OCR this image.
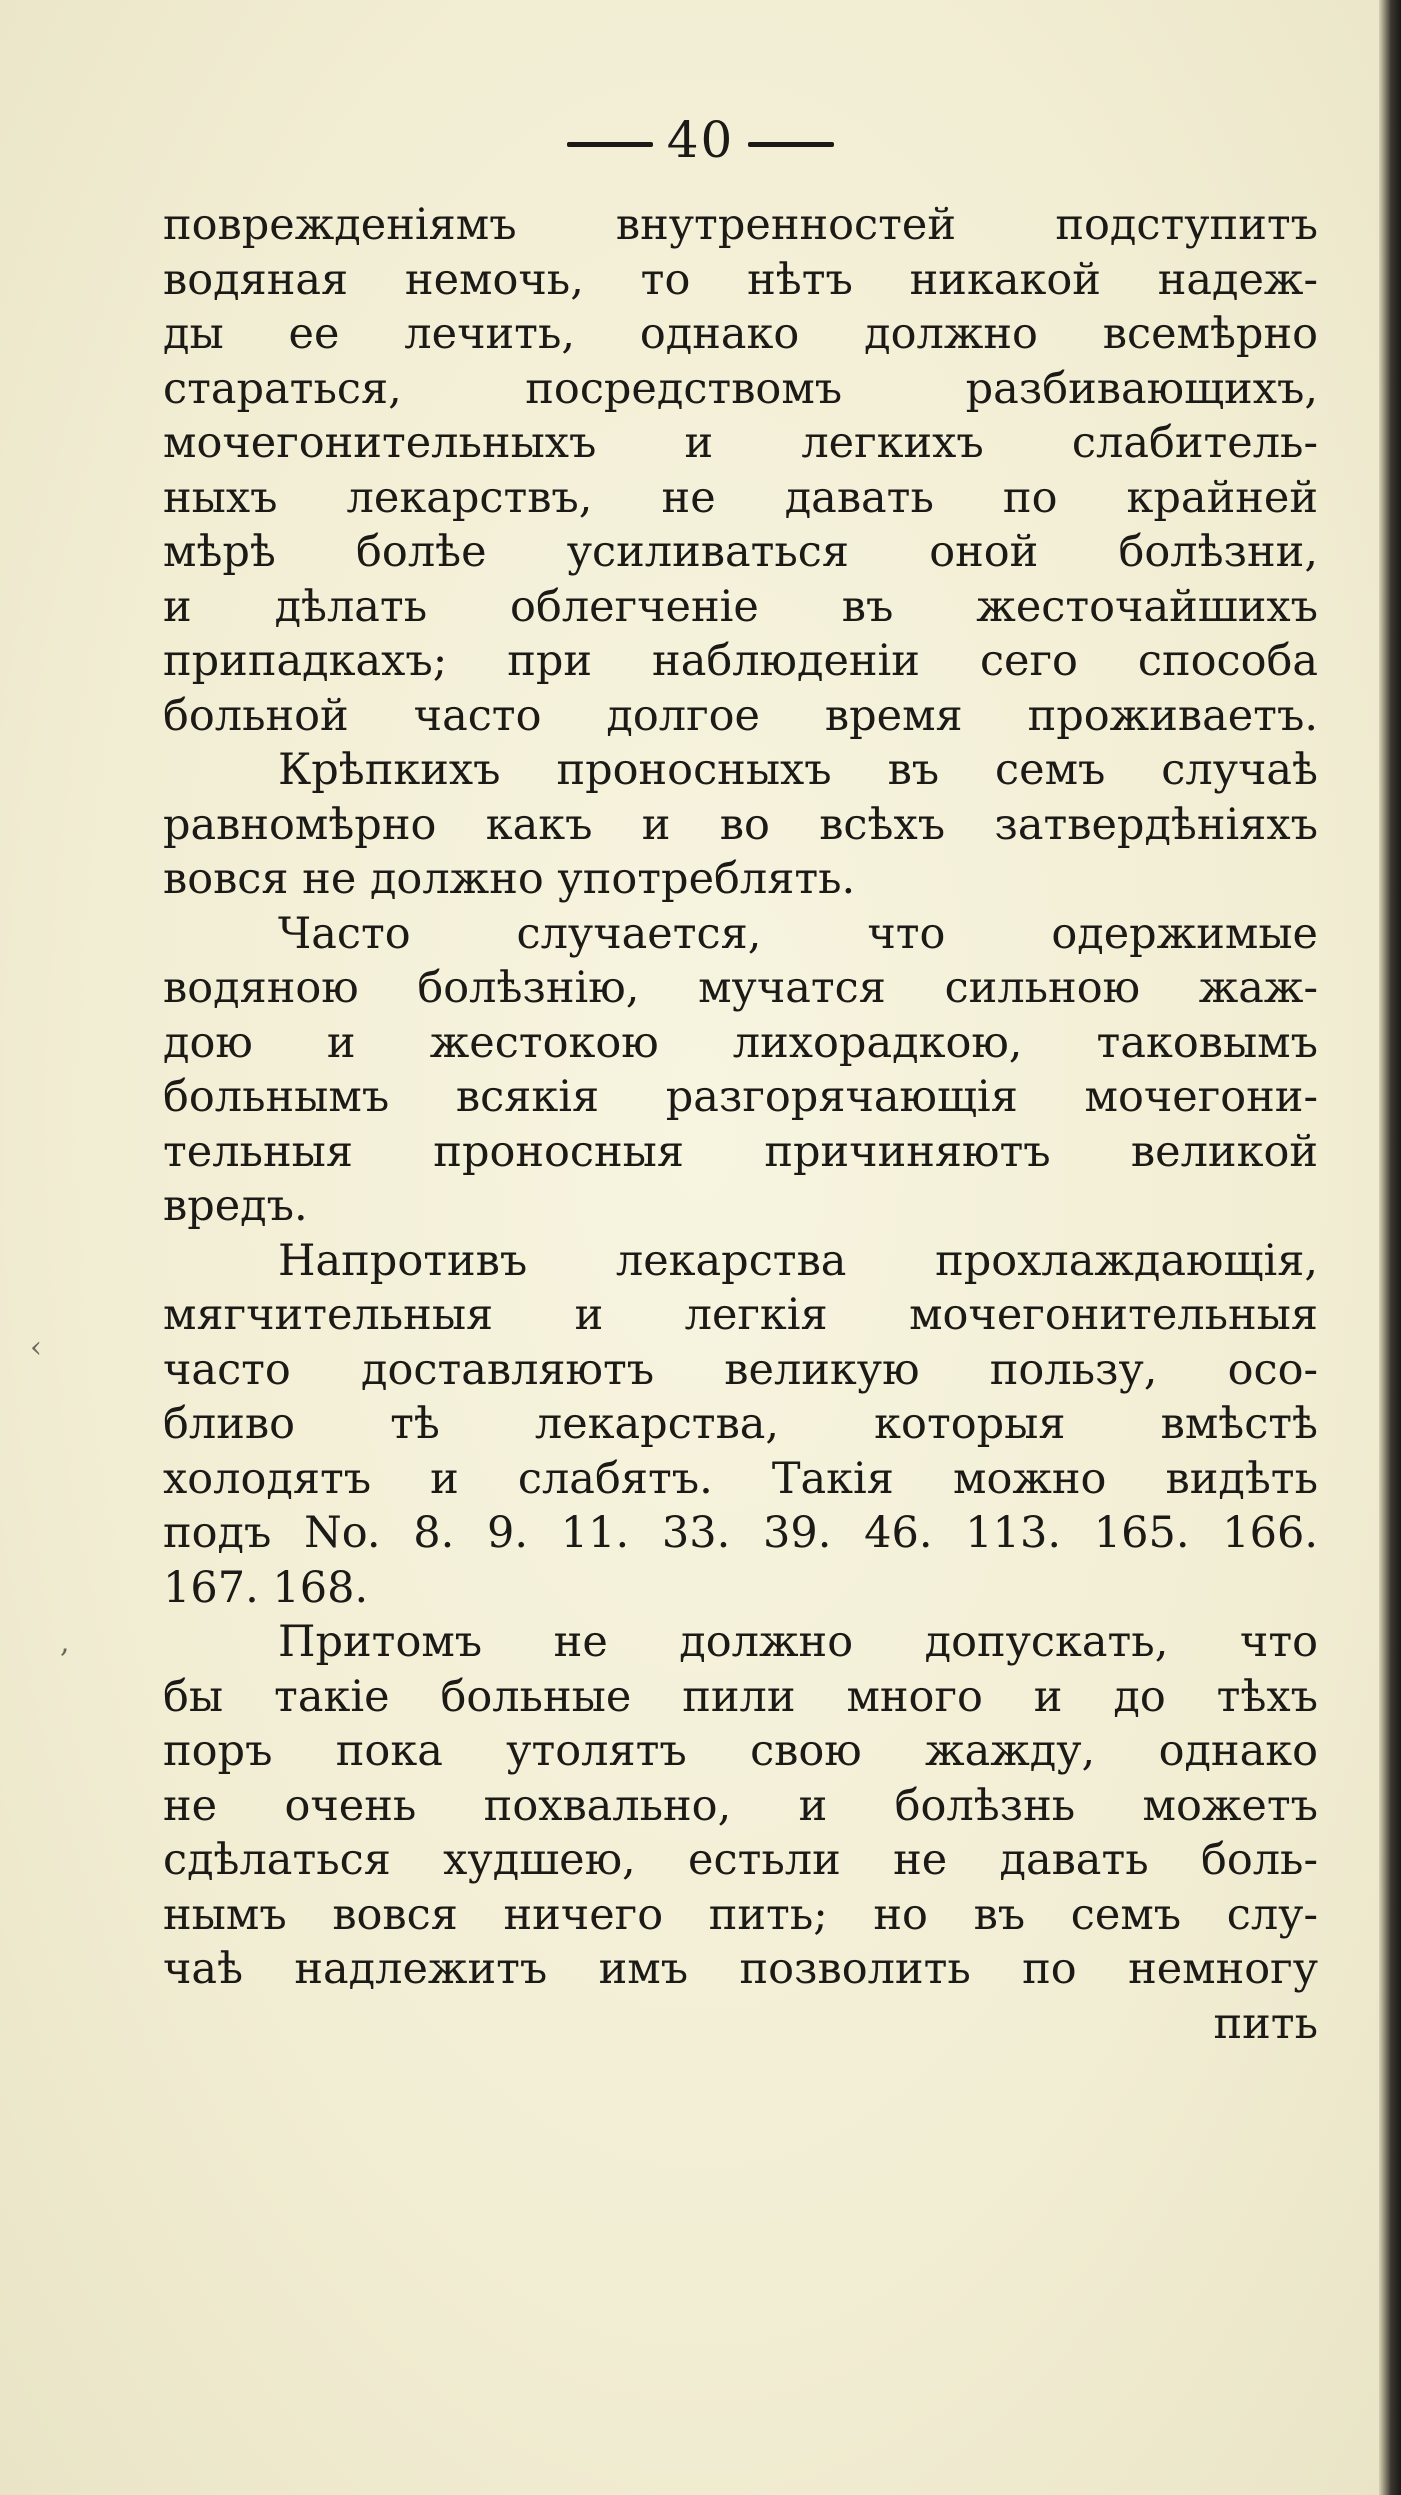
40
поврежденiямъ внутренностей подступитъ
водяная немочь, то нѣтъ никакой надеж-
ды ее лечить, однако должно всемѣрно
стараться, посредствомъ разбивающихъ,
мочегонительныхъ и легкихъ слабитель-
ныхъ лекарствъ, не давать по крайней
мѣрѣ болѣе усиливаться оной болѣзни,
и дѣлать облегченiе въ жесточайшихъ
припадкахъ; при наблюденiи сего способа
больной часто долгое время проживаетъ.
Крѣпкихъ проносныхъ въ семъ случаѣ
равномѣрно какъ и во всѣхъ затвердѣнiяхъ
вовся не должно употреблять.
Часто случается, что одержимые
водяною болѣзнiю, мучатся сильною жаж-
дою и жестокою лихорадкою, таковымъ
больнымъ всякiя разгорячающiя мочегони-
тельныя проносныя причиняютъ великой
вредъ.
Напротивъ лекарства прохлаждающiя,
мягчительныя и легкiя мочегонительныя
часто доставляютъ великую пользу, осо-
бливо тѣ лекарства, которыя вмѣстѣ
холодятъ и слабятъ. Такiя можно видѣть
подъ No. 8. 9. 11. 33. 39. 46. 113. 165. 166.
167. 168.
Притомъ не должно допускать, что
бы такiе больные пили много и до тѣхъ
поръ пока утолятъ свою жажду, однако
не очень похвально, и болѣзнь можетъ
сдѣлаться худшею, естьли не давать боль-
нымъ вовся ничего пить; но въ семъ слу-
чаѣ надлежитъ имъ позволить по немногу
пить
‹
,
